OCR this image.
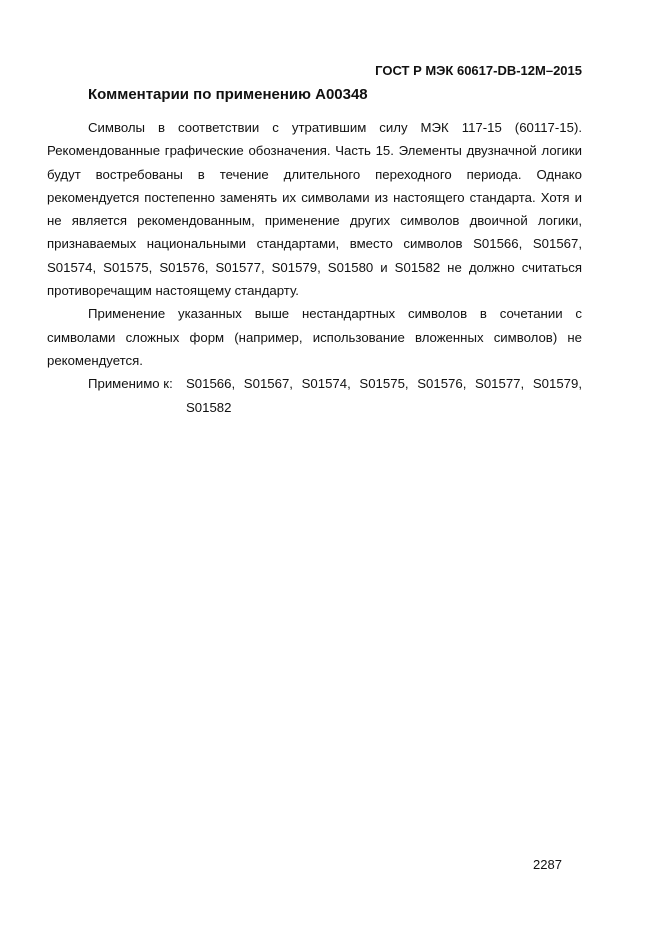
ГОСТ Р МЭК 60617-DB-12M–2015
Комментарии по применению A00348

Символы в соответствии с утратившим силу МЭК 117-15 (60117-15). Рекомендованные графические обозначения. Часть 15. Элементы двузначной логики будут востребованы в течение длительного переходного периода. Однако рекомендуется постепенно заменять их символами из настоящего стандарта. Хотя и не является рекомендованным, применение других символов двоичной логики, признаваемых национальными стандартами, вместо символов S01566, S01567, S01574, S01575, S01576, S01577, S01579, S01580 и S01582 не должно считаться противоречащим настоящему стандарту.

Применение указанных выше нестандартных символов в сочетании с символами сложных форм (например, использование вложенных символов) не рекомендуется.

Применимо к:	S01566, S01567, S01574, S01575, S01576, S01577, S01579, S01582
2287
